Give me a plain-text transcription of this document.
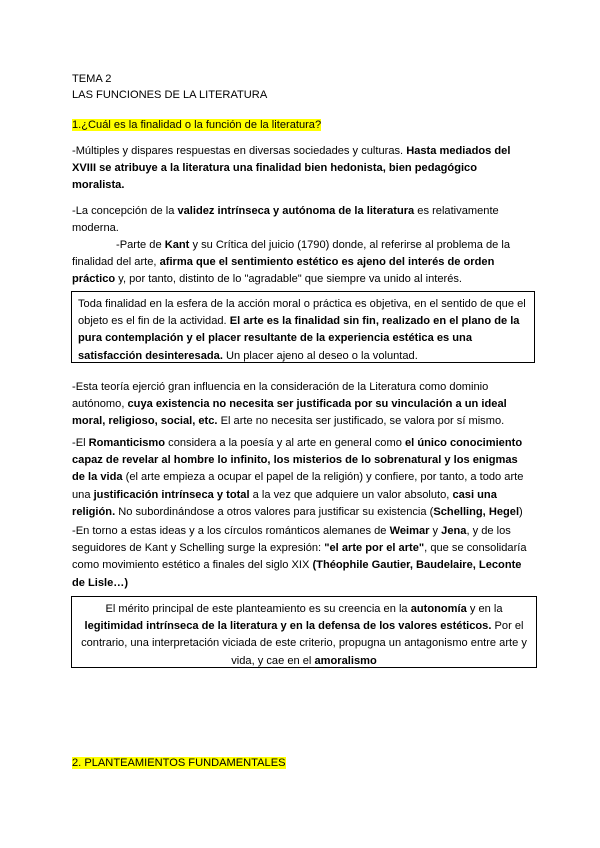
TEMA 2
LAS FUNCIONES DE LA LITERATURA
1.¿Cuál es la finalidad o la función de la literatura?
-Múltiples y dispares respuestas en diversas sociedades y culturas. Hasta mediados del XVIII se atribuye a la literatura una finalidad bien hedonista, bien pedagógico moralista.
-La concepción de la validez intrínseca y autónoma de la literatura es relativamente moderna.
-Parte de Kant y su Crítica del juicio (1790) donde, al referirse al problema de la finalidad del arte, afirma que el sentimiento estético es ajeno del interés de orden práctico y, por tanto, distinto de lo "agradable" que siempre va unido al interés.
Toda finalidad en la esfera de la acción moral o práctica es objetiva, en el sentido de que el objeto es el fin de la actividad. El arte es la finalidad sin fin, realizado en el plano de la pura contemplación y el placer resultante de la experiencia estética es una satisfacción desinteresada. Un placer ajeno al deseo o la voluntad.
-Esta teoría ejerció gran influencia en la consideración de la Literatura como dominio autónomo, cuya existencia no necesita ser justificada por su vinculación a un ideal moral, religioso, social, etc. El arte no necesita ser justificado, se valora por sí mismo.
-El Romanticismo considera a la poesía y al arte en general como el único conocimiento capaz de revelar al hombre lo infinito, los misterios de lo sobrenatural y los enigmas de la vida (el arte empieza a ocupar el papel de la religión) y confiere, por tanto, a todo arte una justificación intrínseca y total a la vez que adquiere un valor absoluto, casi una religión. No subordinándose a otros valores para justificar su existencia (Schelling, Hegel)
-En torno a estas ideas y a los círculos románticos alemanes de Weimar y Jena, y de los seguidores de Kant y Schelling surge la expresión: "el arte por el arte", que se consolidaría como movimiento estético a finales del siglo XIX (Théophile Gautier, Baudelaire, Leconte de Lisle…)
El mérito principal de este planteamiento es su creencia en la autonomía y en la legitimidad intrínseca de la literatura y en la defensa de los valores estéticos. Por el contrario, una interpretación viciada de este criterio, propugna un antagonismo entre arte y vida, y cae en el amoralismo
2. PLANTEAMIENTOS FUNDAMENTALES
